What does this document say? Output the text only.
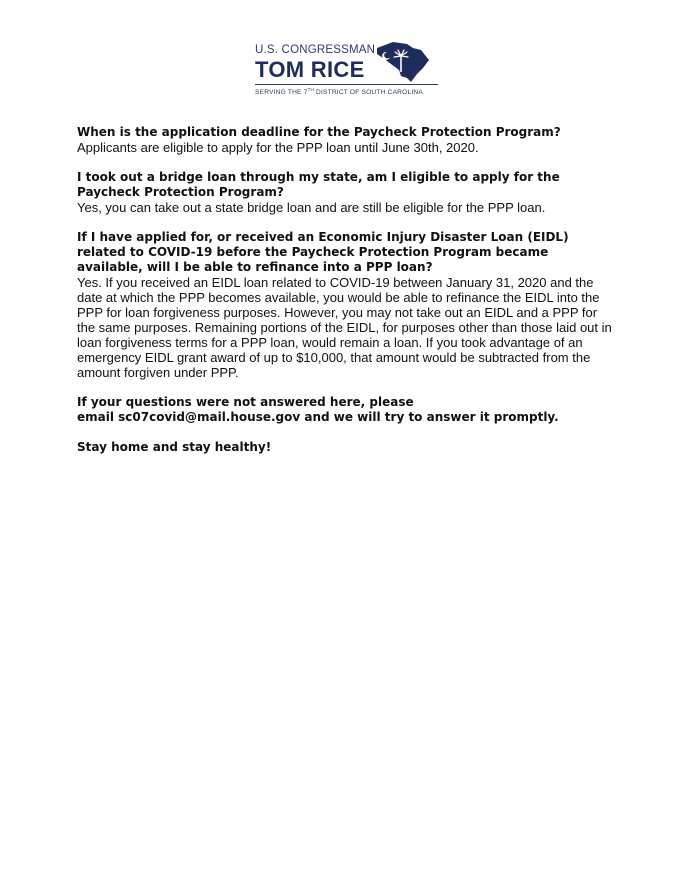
U.S. CONGRESSMAN
TOM RICE
SERVING THE 7TH DISTRICT OF SOUTH CAROLINA

When is the application deadline for the Paycheck Protection Program?

Applicants are eligible to apply for the PPP loan until June 30th, 2020.

I took out a bridge loan through my state, am I eligible to apply for the Paycheck Protection Program?

Yes, you can take out a state bridge loan and are still be eligible for the PPP loan.

If I have applied for, or received an Economic Injury Disaster Loan (EIDL) related to COVID-19 before the Paycheck Protection Program became available, will I be able to refinance into a PPP loan?

Yes. If you received an EIDL loan related to COVID-19 between January 31, 2020 and the date at which the PPP becomes available, you would be able to refinance the EIDL into the PPP for loan forgiveness purposes. However, you may not take out an EIDL and a PPP for the same purposes. Remaining portions of the EIDL, for purposes other than those laid out in loan forgiveness terms for a PPP loan, would remain a loan. If you took advantage of an emergency EIDL grant award of up to $10,000, that amount would be subtracted from the amount forgiven under PPP.

If your questions were not answered here, please

email sc07covid@mail.house.gov and we will try to answer it promptly.

Stay home and stay healthy!
